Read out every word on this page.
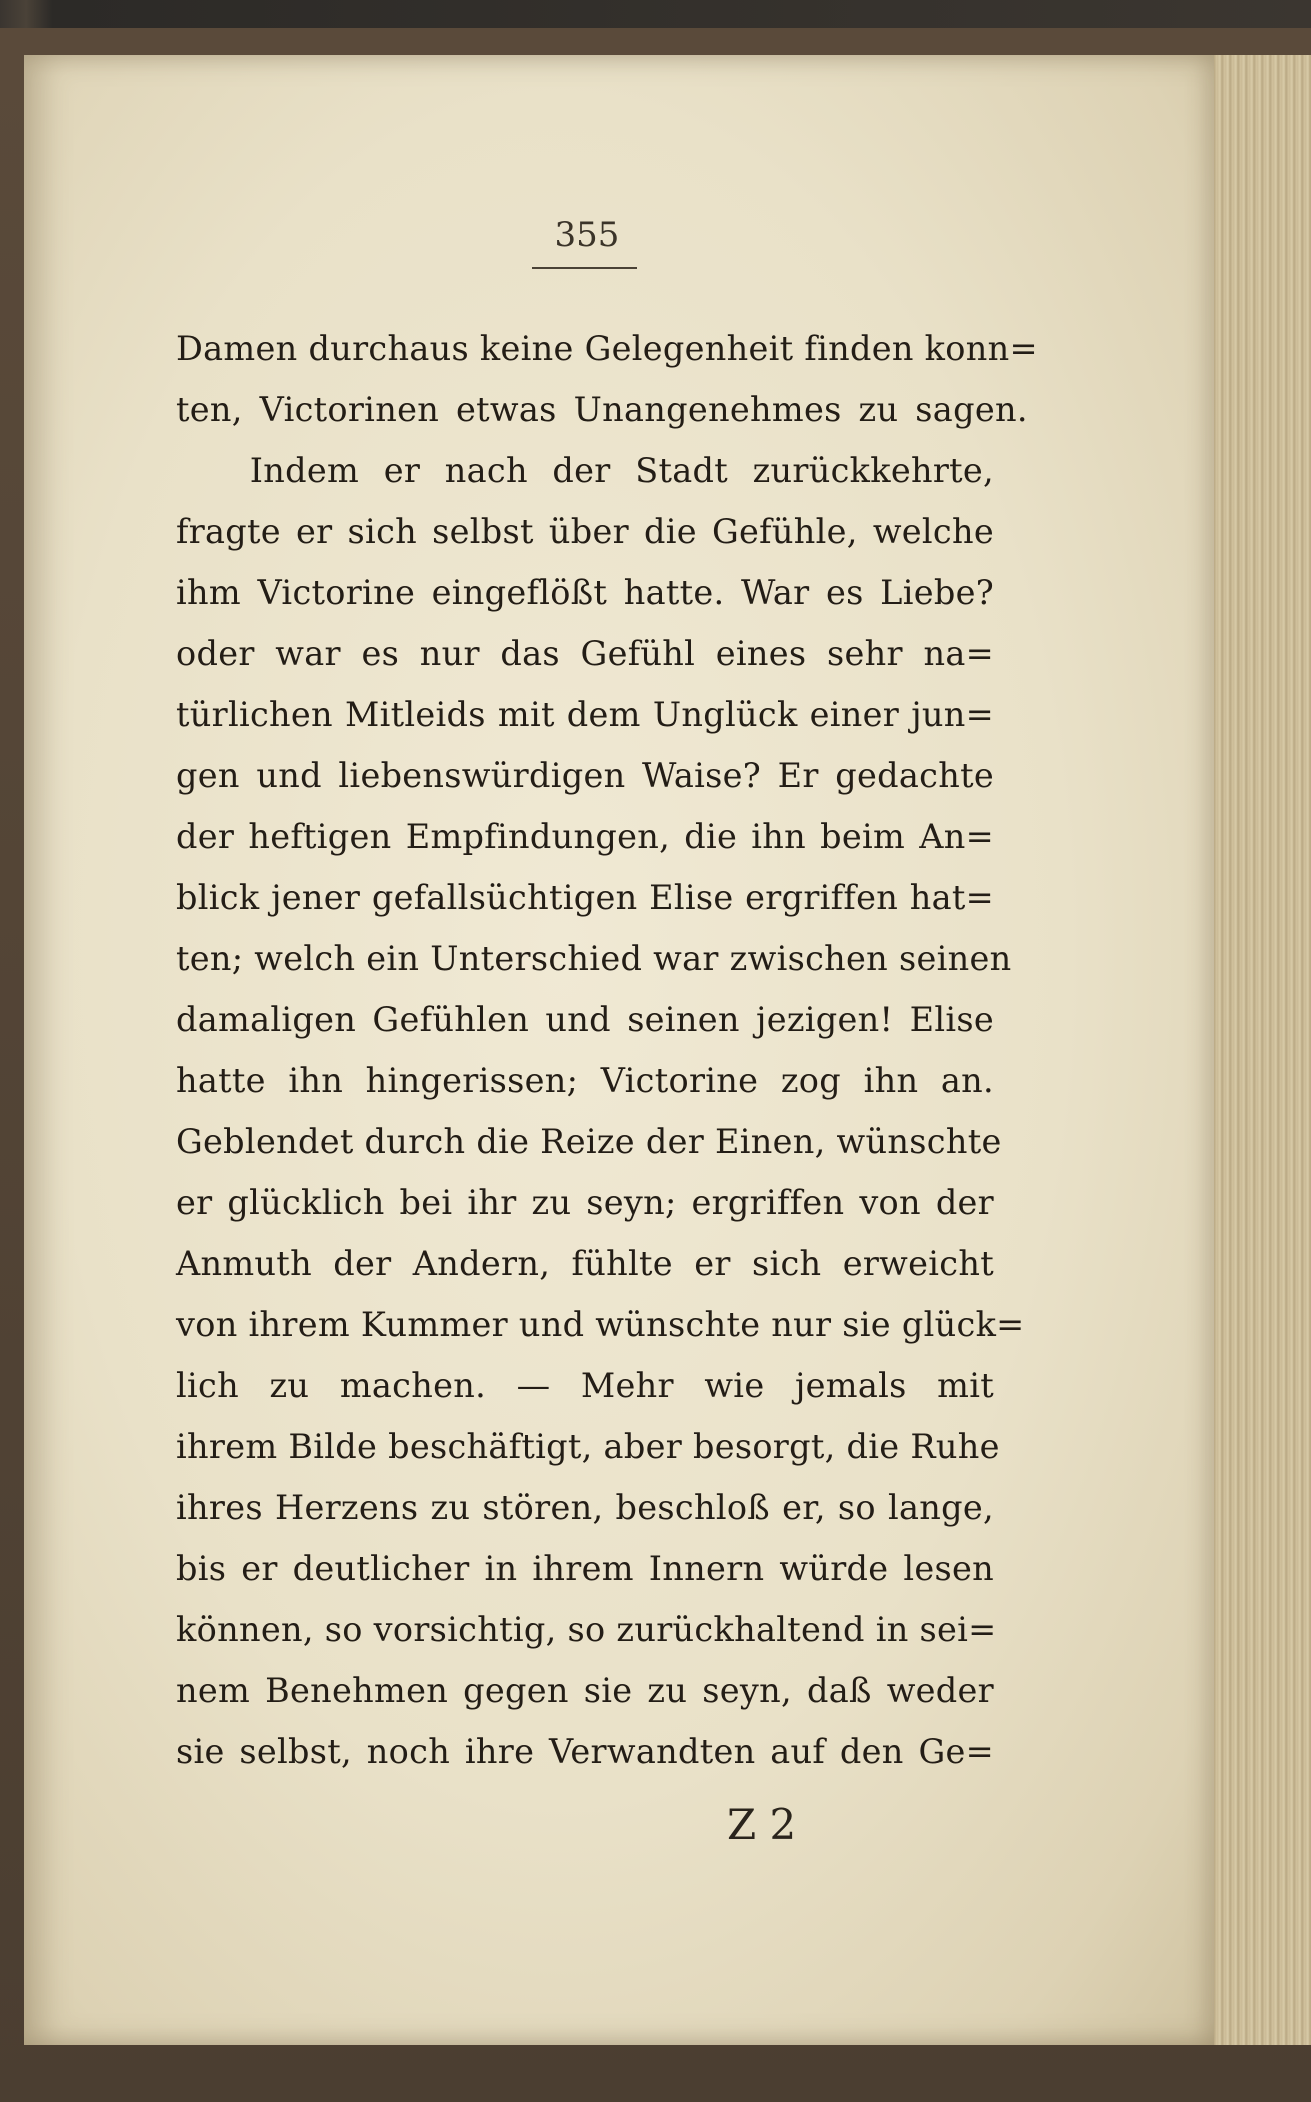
355
Damen durchaus keine Gelegenheit finden konn=
ten, Victorinen etwas Unangenehmes zu sagen.
Indem er nach der Stadt zurückkehrte,
fragte er sich selbst über die Gefühle, welche
ihm Victorine eingeflößt hatte. War es Liebe?
oder war es nur das Gefühl eines sehr na=
türlichen Mitleids mit dem Unglück einer jun=
gen und liebenswürdigen Waise? Er gedachte
der heftigen Empfindungen, die ihn beim An=
blick jener gefallsüchtigen Elise ergriffen hat=
ten; welch ein Unterschied war zwischen seinen
damaligen Gefühlen und seinen jezigen! Elise
hatte ihn hingerissen; Victorine zog ihn an.
Geblendet durch die Reize der Einen, wünschte
er glücklich bei ihr zu seyn; ergriffen von der
Anmuth der Andern, fühlte er sich erweicht
von ihrem Kummer und wünschte nur sie glück=
lich zu machen. — Mehr wie jemals mit
ihrem Bilde beschäftigt, aber besorgt, die Ruhe
ihres Herzens zu stören, beschloß er, so lange,
bis er deutlicher in ihrem Innern würde lesen
können, so vorsichtig, so zurückhaltend in sei=
nem Benehmen gegen sie zu seyn, daß weder
sie selbst, noch ihre Verwandten auf den Ge=
Z 2
